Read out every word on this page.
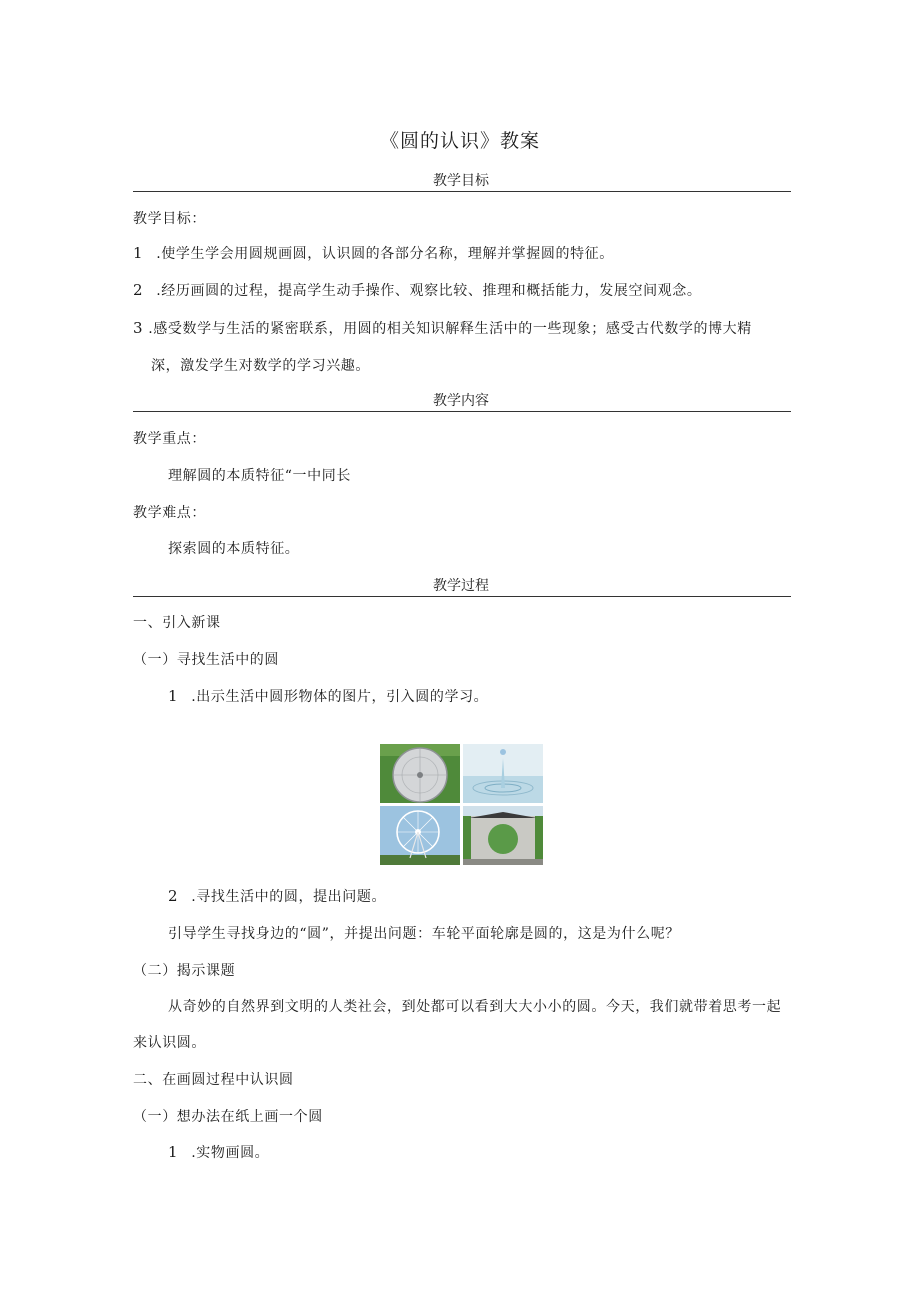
《圆的认识》教案
教学目标
教学目标：
1 .使学生学会用圆规画圆，认识圆的各部分名称，理解并掌握圆的特征。
2 .经历画圆的过程，提高学生动手操作、观察比较、推理和概括能力，发展空间观念。
3 .感受数学与生活的紧密联系，用圆的相关知识解释生活中的一些现象；感受古代数学的博大精
深，激发学生对数学的学习兴趣。
教学内容
教学重点：
理解圆的本质特征“一中同长
教学难点：
探索圆的本质特征。
教学过程
一、引入新课
（一）寻找生活中的圆
1 .出示生活中圆形物体的图片，引入圆的学习。
2 .寻找生活中的圆，提出问题。
引导学生寻找身边的“圆”，并提出问题：车轮平面轮廓是圆的，这是为什么呢？
（二）揭示课题
从奇妙的自然界到文明的人类社会，到处都可以看到大大小小的圆。今天，我们就带着思考一起
来认识圆。
二、在画圆过程中认识圆
（一）想办法在纸上画一个圆
1 .实物画圆。
